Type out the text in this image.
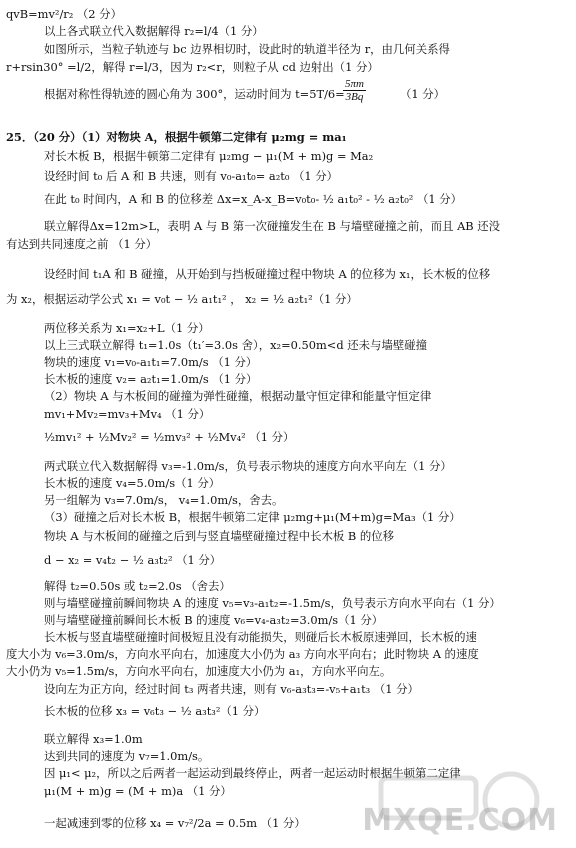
qvB=mv²/r₂ （2 分）
以上各式联立代入数据解得 r₂=l/4（1 分）
如图所示，当粒子轨迹与 bc 边界相切时，设此时的轨道半径为 r，由几何关系得
r+rsin30° =l/2，解得 r=l/3，因为 r₂<r，则粒子从 cd 边射出（1 分）
根据对称性得轨迹的圆心角为 300°，运动时间为 t=5T/6=	（1 分）
25．（20 分）（1）对物块 A，根据牛顿第二定律有 μ₂mg = ma₁
对长木板 B，根据牛顿第二定律有 μ₂mg − μ₁(M + m)g = Ma₂
设经时间 t₀ 后 A 和 B 共速，则有 v₀-a₁t₀= a₂t₀ （1 分）
在此 t₀ 时间内，A 和 B 的位移差 Δx=x_A-x_B=v₀t₀- ½ a₁t₀² - ½ a₂t₀² （1 分）
联立解得Δx=12m>L，表明 A 与 B 第一次碰撞发生在 B 与墙壁碰撞之前，而且 AB 还没
有达到共同速度之前 （1 分）
设经时间 t₁A 和 B 碰撞，从开始到与挡板碰撞过程中物块 A 的位移为 x₁，长木板的位移
为 x₂，根据运动学公式 x₁ = v₀t − ½ a₁t₁² ， x₂ = ½ a₂t₁²（1 分）
两位移关系为 x₁=x₂+L（1 分）
以上三式联立解得 t₁=1.0s（t₁′=3.0s 舍），x₂=0.50m<d 还未与墙壁碰撞
物块的速度 v₁=v₀-a₁t₁=7.0m/s （1 分）
长木板的速度 v₂= a₂t₁=1.0m/s （1 分）
（2）物块 A 与木板间的碰撞为弹性碰撞，根据动量守恒定律和能量守恒定律
mv₁+Mv₂=mv₃+Mv₄ （1 分）
½mv₁² + ½Mv₂² = ½mv₃² + ½Mv₄² （1 分）
两式联立代入数据解得 v₃=-1.0m/s，负号表示物块的速度方向水平向左（1 分）
长木板的速度 v₄=5.0m/s（1 分）
另一组解为 v₃=7.0m/s， v₄=1.0m/s，舍去。
（3）碰撞之后对长木板 B，根据牛顿第二定律 μ₂mg+μ₁(M+m)g=Ma₃（1 分）
物块 A 与木板间的碰撞之后到与竖直墙壁碰撞过程中长木板 B 的位移
d − x₂ = v₄t₂ − ½ a₃t₂² （1 分）
解得 t₂=0.50s 或 t₂=2.0s （舍去）
则与墙壁碰撞前瞬间物块 A 的速度 v₅=v₃-a₁t₂=-1.5m/s，负号表示方向水平向右（1 分）
则与墙壁碰撞前瞬间长木板 B 的速度 v₆=v₄-a₃t₂=3.0m/s（1 分）
长木板与竖直墙壁碰撞时间极短且没有动能损失，则碰后长木板原速弹回，长木板的速
度大小为 v₆=3.0m/s，方向水平向右，加速度大小仍为 a₃ 方向水平向右；此时物块 A 的速度
大小仍为 v₅=1.5m/s，方向水平向右，加速度大小仍为 a₁，方向水平向左。
设向左为正方向，经过时间 t₃ 两者共速，则有 v₆-a₃t₃=-v₅+a₁t₃ （1 分）
长木板的位移 x₃ = v₆t₃ − ½ a₃t₃²（1 分）
联立解得 x₃=1.0m
达到共同的速度为 v₇=1.0m/s。
因 μ₁< μ₂，所以之后两者一起运动到最终停止，两者一起运动时根据牛顿第二定律
μ₁(M + m)g = (M + m)a （1 分）
一起减速到零的位移 x₄ = v₇²/2a = 0.5m （1 分）
$\frac{5\pi m}{3Bq}$
MXQE.COM
